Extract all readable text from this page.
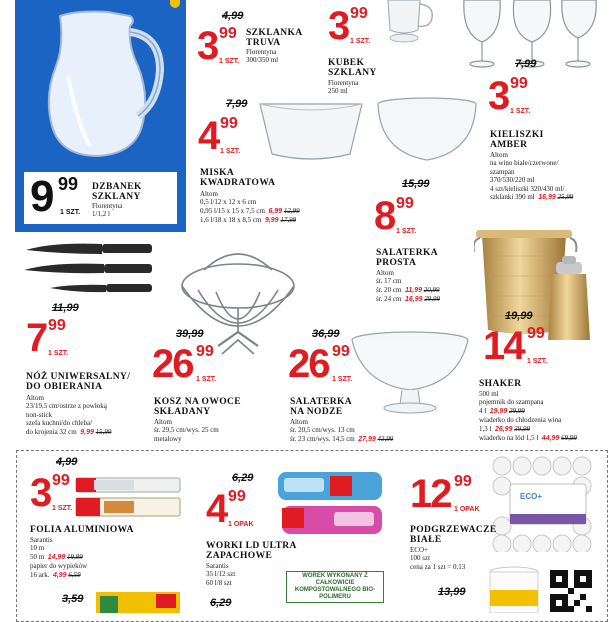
9 99
1 SZT.
DZBANEK
SZKLANY
Florentyna
1/1,2 l
4,99
3 99
1 SZT.
SZKLANKA
TRUVA
Florentyna
300/350 ml
3 99
1 SZT.
KUBEK
SZKLANY
Florentyna
250 ml
7,99
3 99
1 SZT.
KIELISZKI
AMBER
Altom
na wino białe/czerwone/
szampan
370/530/220 ml
4 szt/kieliszki 320/430 ml/
szklanki 390 ml 16,99 25,99
7,99
4 99
1 SZT.
MISKA
KWADRATOWA
Altom
0,5 l/12 x 12 x 6 cm
0,95 l/15 x 15 x 7,5 cm 6,99 12,99
1,6 l/18 x 18 x 8,5 cm 9,99 17,99
15,99
8 99
1 SZT.
SALATERKA
PROSTA
Altom
śr. 17 cm
śr. 20 cm 11,99 20,99
śr. 24 cm 16,99 29,99
11,99
7 99
1 SZT.
NÓŻ UNIWERSALNY/
DO OBIERANIA
Altom
23/19,5 cm/ostrze z powłoką
non-stick
szefa kuchni/do chleba/
do krojenia 32 cm 9,99 15,99
39,99
26 99
1 SZT.
KOSZ NA OWOCE
SKŁADANY
Altom
śr. 29,5 cm/wys. 25 cm
metalowy
36,99
26 99
1 SZT.
SALATERKA
NA NODZE
Altom
śr. 20,5 cm/wys. 13 cm
śr. 23 cm/wys. 14,5 cm 27,99 43,99
19,99
14 99
1 SZT.
SHAKER
500 ml
pojemnik do szampana
4 l 19,99 29,99
wiaderko do chłodzenia wina
1,3 l 26,99 39,99
wiaderko na lód 1,5 l 44,99 69,99
4,99
3 99
1 SZT.
FOLIA ALUMINIOWA
Sarantis
10 m
50 m 14,99 19,99
papier do wypieków
16 ark. 4,99 6,59
6,29
4 99
1 OPAK
WORKI LD ULTRA
ZAPACHOWE
Sarantis
35 l/12 szt
60 l/8 szt
WOREK WYKONANY Z CAŁKOWICIE KOMPOSTOWALNEGO BIO-POLIMERU
12 99
1 OPAK
ECO+
PODGRZEWACZE
BIAŁE
ECO+
100 szt
cena za 1 szt = 0,13
3,59	6,29
13,99
